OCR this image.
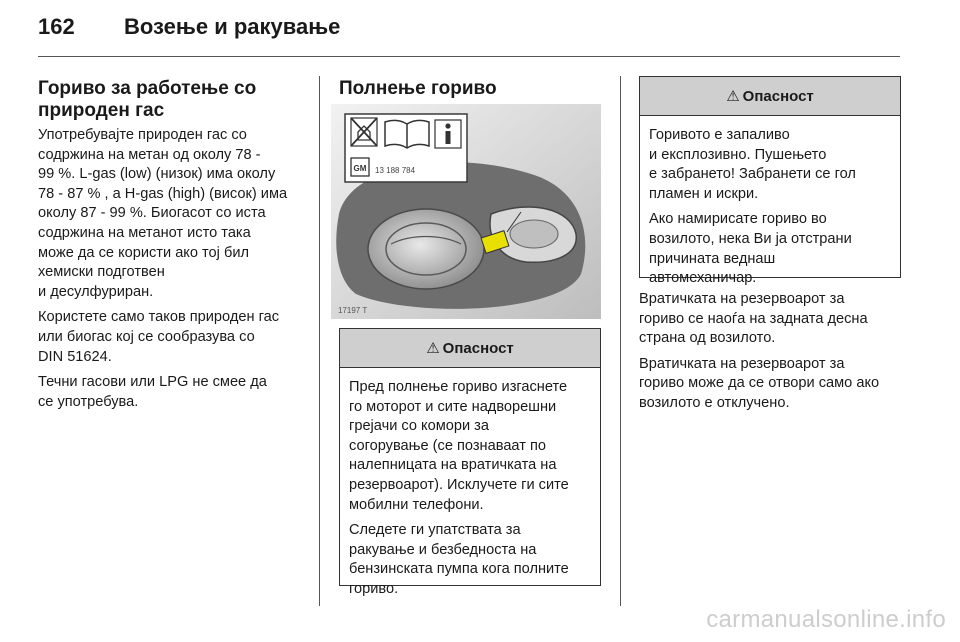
162 Возење и ракување
Гориво за работење со
природен гас

Употребувајте природен гас со
содржина на метан од околу 78 -
99 %. L-gas (low) (низок) има околу
78 - 87 % , а H-gas (high) (висок) има
околу 87 - 99 %. Биогасот со иста
содржина на метанот исто така
може да се користи ако тој бил
хемиски подготвен
и десулфуриран.

Користете само таков природен гас
или биогас кој се сообразува со
DIN 51624.

Течни гасови или LPG не смее да
се употребува.

Полнење гориво
GM 13 188 784
17197 T
⚠ Опасност

Пред полнење гориво изгаснете
го моторот и сите надворешни
грејачи со комори за
согорување (се познаваат по
налепницата на вратичката на
резервоарот). Исклучете ги сите
мобилни телефони.

Следете ги упатствата за
ракување и безбедноста на
бензинската пумпа кога полните
гориво.

⚠ Опасност

Горивото е запаливо
и експлозивно. Пушењето
е забрането! Забранети се гол
пламен и искри.

Ако намирисате гориво во
возилото, нека Ви ја отстрани
причината веднаш
автомеханичар.

Вратичката на резервоарот за
гориво се наоѓа на задната десна
страна од возилото.

Вратичката на резервоарот за
гориво може да се отвори само ако
возилото е отклучено.

carmanualsonline.info
